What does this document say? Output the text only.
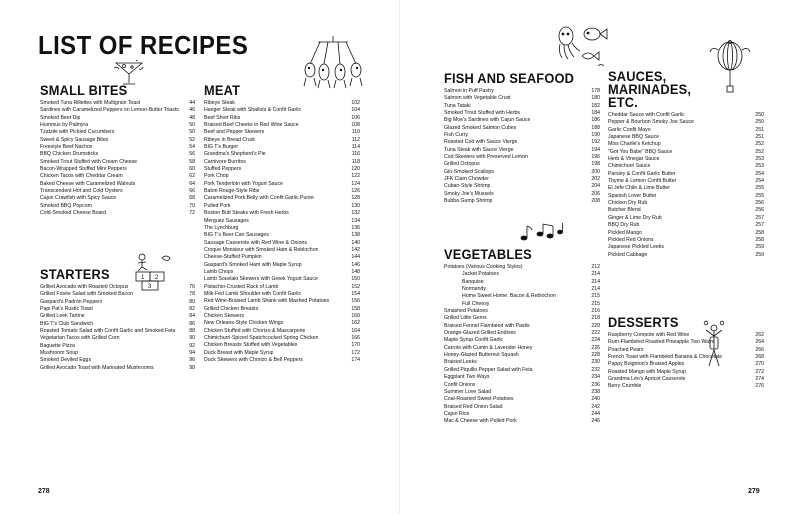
LIST OF RECIPES
1 2
3
SMALL BITES
Smoked Tuna Rillettes with Multigrain Toast	44
Sardines with Caramelized Peppers on Lemon-Butter Toasts	46
Smoked Beet Dip	48
Hummus by Palmyra	50
Tzatziki with Pickled Cucumbers	50
Sweet & Spicy Sausage Bites	52
Freestyle Beef Nachos	54
BBQ Chicken Drumsticks	56
Smoked Trout Stuffed with Cream Cheese	58
Bacon-Wrapped Stuffed Mini Peppers	60
Chicken Tacos with Cheddar Cream	62
Baked Cheese with Caramelized Walnuts	64
Transcendent Hot and Cold Oysters	66
Cajun Crawfish with Spicy Sauce	68
Smoked BBQ Popcorn	70
Cold-Smoked Cheese Board	72
STARTERS
Grilled Avocado with Roasted Octopus	76
Grilled Frisée Salad with Smoked Bacon	78
Gaspard's Padrón Peppers	80
Papi Pat's Rustic Toast	82
Grilled Leek Tartine	84
BIG T's Club Sandwich	86
Roasted Tomato Salad with Confit Garlic and Smoked Feta	88
Vegetarian Tacos with Grilled Corn	90
Baguette Pizza	92
Mushroom Soup	94
Smoked Deviled Eggs	96
Grilled Avocado Toast with Marinated Mushrooms	98
MEAT
Ribeye Steak	102
Hanger Steak with Shallots & Confit Garlic	104
Beef Short Ribs	106
Braised Beef Cheeks in Red Wine Sauce	108
Beef and Pepper Skewers	110
Ribeye in Bread Crust	112
BIG T's Burger	114
Grandma's Shepherd's Pie	116
Carnivore Burritos	118
Stuffed Peppers	120
Pork Chop	122
Pork Tenderloin with Yogurt Sauce	124
Baton Rouge-Style Ribs	126
Caramelized Pork Belly with Confit Garlic Purée	128
Pulled Pork	130
Boston Butt Steaks with Fresh Herbs	132
Merguez Sausages	134
The Lynchburg	136
BIG T's Beer Can Sausages	138
Sausage Casserole with Red Wine & Onions	140
Croque Monsieur with Smoked Ham & Reblochon	142
Cheese-Stuffed Pumpkin	144
Gaspard's Smoked Ham with Maple Syrup	146
Lamb Chops	148
Lamb Souvlaki Skewers with Greek Yogurt Sauce	150
Pistachio-Crusted Rack of Lamb	152
Milk-Fed Lamb Shoulder with Confit Garlic	154
Red Wine-Braised Lamb Shank with Mashed Potatoes	156
Grilled Chicken Breasts	158
Chicken Skewers	160
New Orleans-Style Chicken Wings	162
Chicken Stuffed with Chorizo & Mascarpone	164
Chimichurri-Spiced Spatchcocked Spring Chicken	166
Chicken Breasts Stuffed with Vegetables	170
Duck Breast with Maple Syrup	172
Duck Skewers with Chorizo & Bell Peppers	174
278
FISH AND SEAFOOD
Salmon in Puff Pastry	178
Salmon with Vegetable Crust	180
Tuna Tataki	182
Smoked Trout Stuffed with Herbs	184
Big Moe's Sardines with Cajun Sauce	186
Glazed Smoked Salmon Cubes	188
Fish Curry	190
Roasted Cod with Sauce Vierge	192
Tuna Steak with Sauce Vierge	194
Cod Skewers with Preserved Lemon	196
Grilled Octopus	198
Gin-Smoked Scallops	200
JFK Clam Chowder	202
Cuban-Style Shrimp	204
Smoky Joe's Mussels	206
Bubba Gump Shrimp	208
VEGETABLES
Potatoes (Various Cooking Styles)	212
Jacket Potatoes	214
Banquise	214
Normandy	214
Home Sweet Home: Bacon & Reblochon	215
Full Cheesy	215
Smashed Potatoes	216
Grilled Little Gems	218
Braised Fennel Flambéed with Pastis	220
Orange-Glazed Grilled Endives	222
Maple Syrup Confit Garlic	224
Carrots with Cumin & Lavender Honey	226
Honey-Glazed Butternut Squash	228
Braised Leeks	230
Grilled Piquillo Pepper Salad with Feta	232
Eggplant Two Ways	234
Confit Onions	236
Summer Love Salad	238
Coal-Roasted Sweet Potatoes	240
Braised Red Onion Salad	242
Cajun Rice	244
Mac & Cheese with Pulled Pork	246
SAUCES,
MARINADES,
ETC.
Cheddar Sauce with Confit Garlic	250
Pepper & Bourbon Smoky Joe Sauce	250
Garlic Confit Mayo	251
Japanese BBQ Sauce	251
Miss Charlie's Ketchup	252
"Got You Babe" BBQ Sauce	252
Herb & Vinegar Sauce	253
Chimichurri Sauce	253
Parsley & Confit Garlic Butter	254
Thyme & Lemon Confit Butter	254
El Jefe Chile & Lime Butter	255
Spanish Lover Butter	255
Chicken Dry Rub	256
Butcher Blend	256
Ginger & Lime Dry Rub	257
BBQ Dry Rub	257
Pickled Mango	258
Pickled Red Onions	258
Japanese Pickled Leeks	259
Pickled Cabbage	259
DESSERTS
Raspberry Compote with Red Wine	262
Rum-Flambéed Roasted Pineapple Two Ways	264
Poached Pears	266
French Toast with Flambéed Banana & Chocolate	268
Pappy Boignton's Braised Apples	270
Roasted Mango with Maple Syrup	272
Grandma Léo's Apricot Casserole	274
Berry Crumble	276
279
